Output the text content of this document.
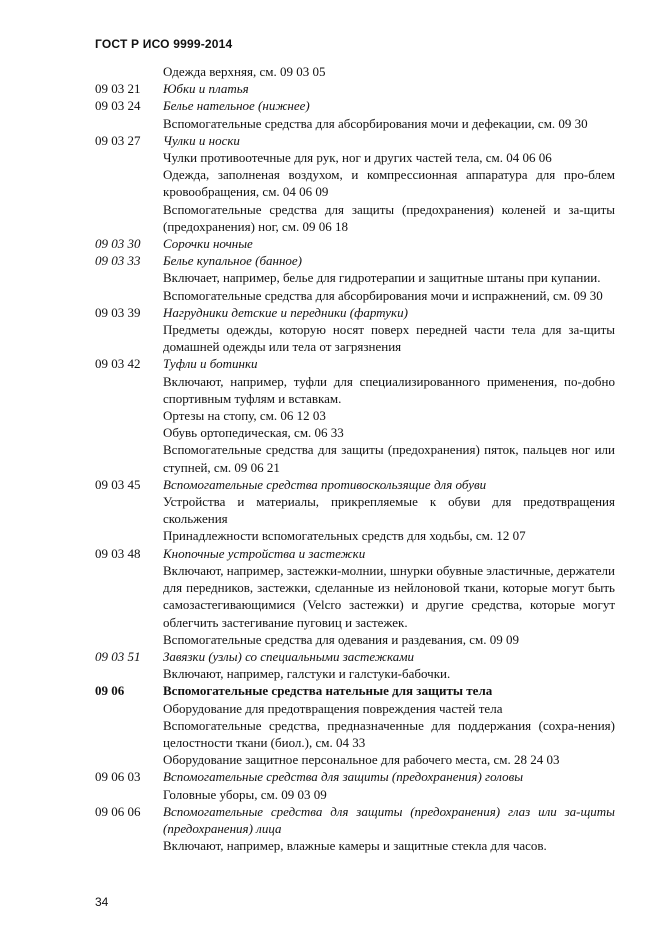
ГОСТ Р ИСО 9999-2014
Одежда верхняя, см. 09 03 05
09 03 21	Юбки и платья
09 03 24	Белье нательное (нижнее)
Вспомогательные средства для абсорбирования мочи и дефекации, см. 09 30
09 03 27	Чулки и носки
Чулки противоотечные для рук, ног и других частей тела, см. 04 06 06
Одежда, заполненая воздухом, и компрессионная аппаратура для про-блем кровообращения, см. 04 06 09
Вспомогательные средства для защиты (предохранения) коленей и за-щиты (предохранения) ног, см. 09 06 18
09 03 30	Сорочки ночные
09 03 33	Белье купальное (банное)
Включает, например, белье для гидротерапии и защитные штаны при купании.
Вспомогательные средства для абсорбирования мочи и испражнений, см. 09 30
09 03 39	Нагрудники детские и передники (фартуки)
Предметы одежды, которую носят поверх передней части тела для за-щиты домашней одежды или тела от загрязнения
09 03 42	Туфли и ботинки
Включают, например, туфли для специализированного применения, по-добно спортивным туфлям и вставкам.
Ортезы на стопу, см. 06 12 03
Обувь ортопедическая, см. 06 33
Вспомогательные средства для защиты (предохранения) пяток, пальцев ног или ступней, см. 09 06 21
09 03 45	Вспомогательные средства противоскользящие для обуви
Устройства и материалы, прикрепляемые к обуви для предотвращения скольжения
Принадлежности вспомогательных средств для ходьбы, см. 12 07
09 03 48	Кнопочные устройства и застежки
Включают, например, застежки-молнии, шнурки обувные эластичные, держатели для передников, застежки, сделанные из нейлоновой ткани, которые могут быть самозастегивающимися (Velcro застежки) и другие средства, которые могут облегчить застегивание пуговиц и застежек.
Вспомогательные средства для одевания и раздевания, см. 09 09
09 03 51	Завязки (узлы) со специальными застежками
Включают, например, галстуки и галстуки-бабочки.
09 06	Вспомогательные средства нательные для защиты тела
Оборудование для предотвращения повреждения частей тела
Вспомогательные средства, предназначенные для поддержания (сохра-нения) целостности ткани (биол.), см. 04 33
Оборудование защитное персональное для рабочего места, см. 28 24 03
09 06 03	Вспомогательные средства для защиты (предохранения) головы
Головные уборы, см. 09 03 09
09 06 06	Вспомогательные средства для защиты (предохранения) глаз или за-щиты (предохранения) лица
Включают, например, влажные камеры и защитные стекла для часов.
34
